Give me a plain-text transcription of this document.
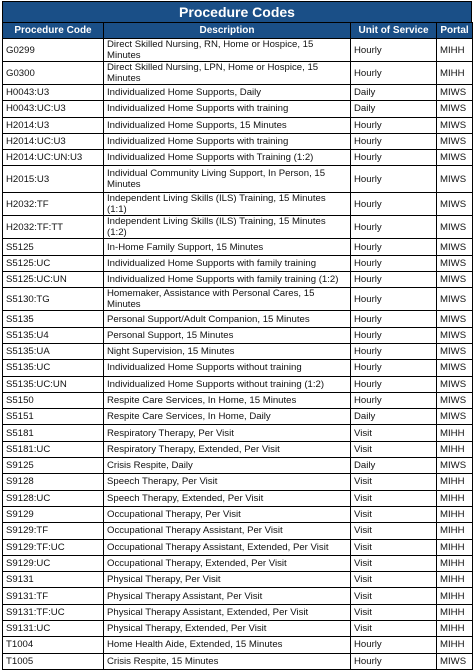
Procedure Codes
Procedure Code	Description	Unit of Service	Portal
G0299	Direct Skilled Nursing, RN, Home or Hospice, 15 Minutes	Hourly	MIHH
G0300	Direct Skilled Nursing, LPN, Home or Hospice, 15 Minutes	Hourly	MIHH
H0043:U3	Individualized Home Supports, Daily	Daily	MIWS
H0043:UC:U3	Individualized Home Supports with training	Daily	MIWS
H2014:U3	Individualized Home Supports, 15 Minutes	Hourly	MIWS
H2014:UC:U3	Individualized Home Supports with training	Hourly	MIWS
H2014:UC:UN:U3	Individualized Home Supports with Training (1:2)	Hourly	MIWS
H2015:U3	Individual Community Living Support, In Person, 15 Minutes	Hourly	MIWS
H2032:TF	Independent Living Skills (ILS) Training, 15 Minutes (1:1)	Hourly	MIWS
H2032:TF:TT	Independent Living Skills (ILS) Training, 15 Minutes (1:2)	Hourly	MIWS
S5125	In-Home Family Support, 15 Minutes	Hourly	MIWS
S5125:UC	Individualized Home Supports with family training	Hourly	MIWS
S5125:UC:UN	Individualized Home Supports with family training (1:2)	Hourly	MIWS
S5130:TG	Homemaker, Assistance with Personal Cares, 15 Minutes	Hourly	MIWS
S5135	Personal Support/Adult Companion, 15 Minutes	Hourly	MIWS
S5135:U4	Personal Support, 15 Minutes	Hourly	MIWS
S5135:UA	Night Supervision, 15 Minutes	Hourly	MIWS
S5135:UC	Individualized Home Supports without training	Hourly	MIWS
S5135:UC:UN	Individualized Home Supports without training (1:2)	Hourly	MIWS
S5150	Respite Care Services, In Home, 15 Minutes	Hourly	MIWS
S5151	Respite Care Services, In Home, Daily	Daily	MIWS
S5181	Respiratory Therapy, Per Visit	Visit	MIHH
S5181:UC	Respiratory Therapy, Extended, Per Visit	Visit	MIHH
S9125	Crisis Respite, Daily	Daily	MIWS
S9128	Speech Therapy, Per Visit	Visit	MIHH
S9128:UC	Speech Therapy, Extended, Per Visit	Visit	MIHH
S9129	Occupational Therapy, Per Visit	Visit	MIHH
S9129:TF	Occupational Therapy Assistant, Per Visit	Visit	MIHH
S9129:TF:UC	Occupational Therapy Assistant, Extended, Per Visit	Visit	MIHH
S9129:UC	Occupational Therapy, Extended, Per Visit	Visit	MIHH
S9131	Physical Therapy, Per Visit	Visit	MIHH
S9131:TF	Physical Therapy Assistant, Per Visit	Visit	MIHH
S9131:TF:UC	Physical Therapy Assistant, Extended, Per Visit	Visit	MIHH
S9131:UC	Physical Therapy, Extended, Per Visit	Visit	MIHH
T1004	Home Health Aide, Extended, 15 Minutes	Hourly	MIHH
T1005	Crisis Respite, 15 Minutes	Hourly	MIWS
